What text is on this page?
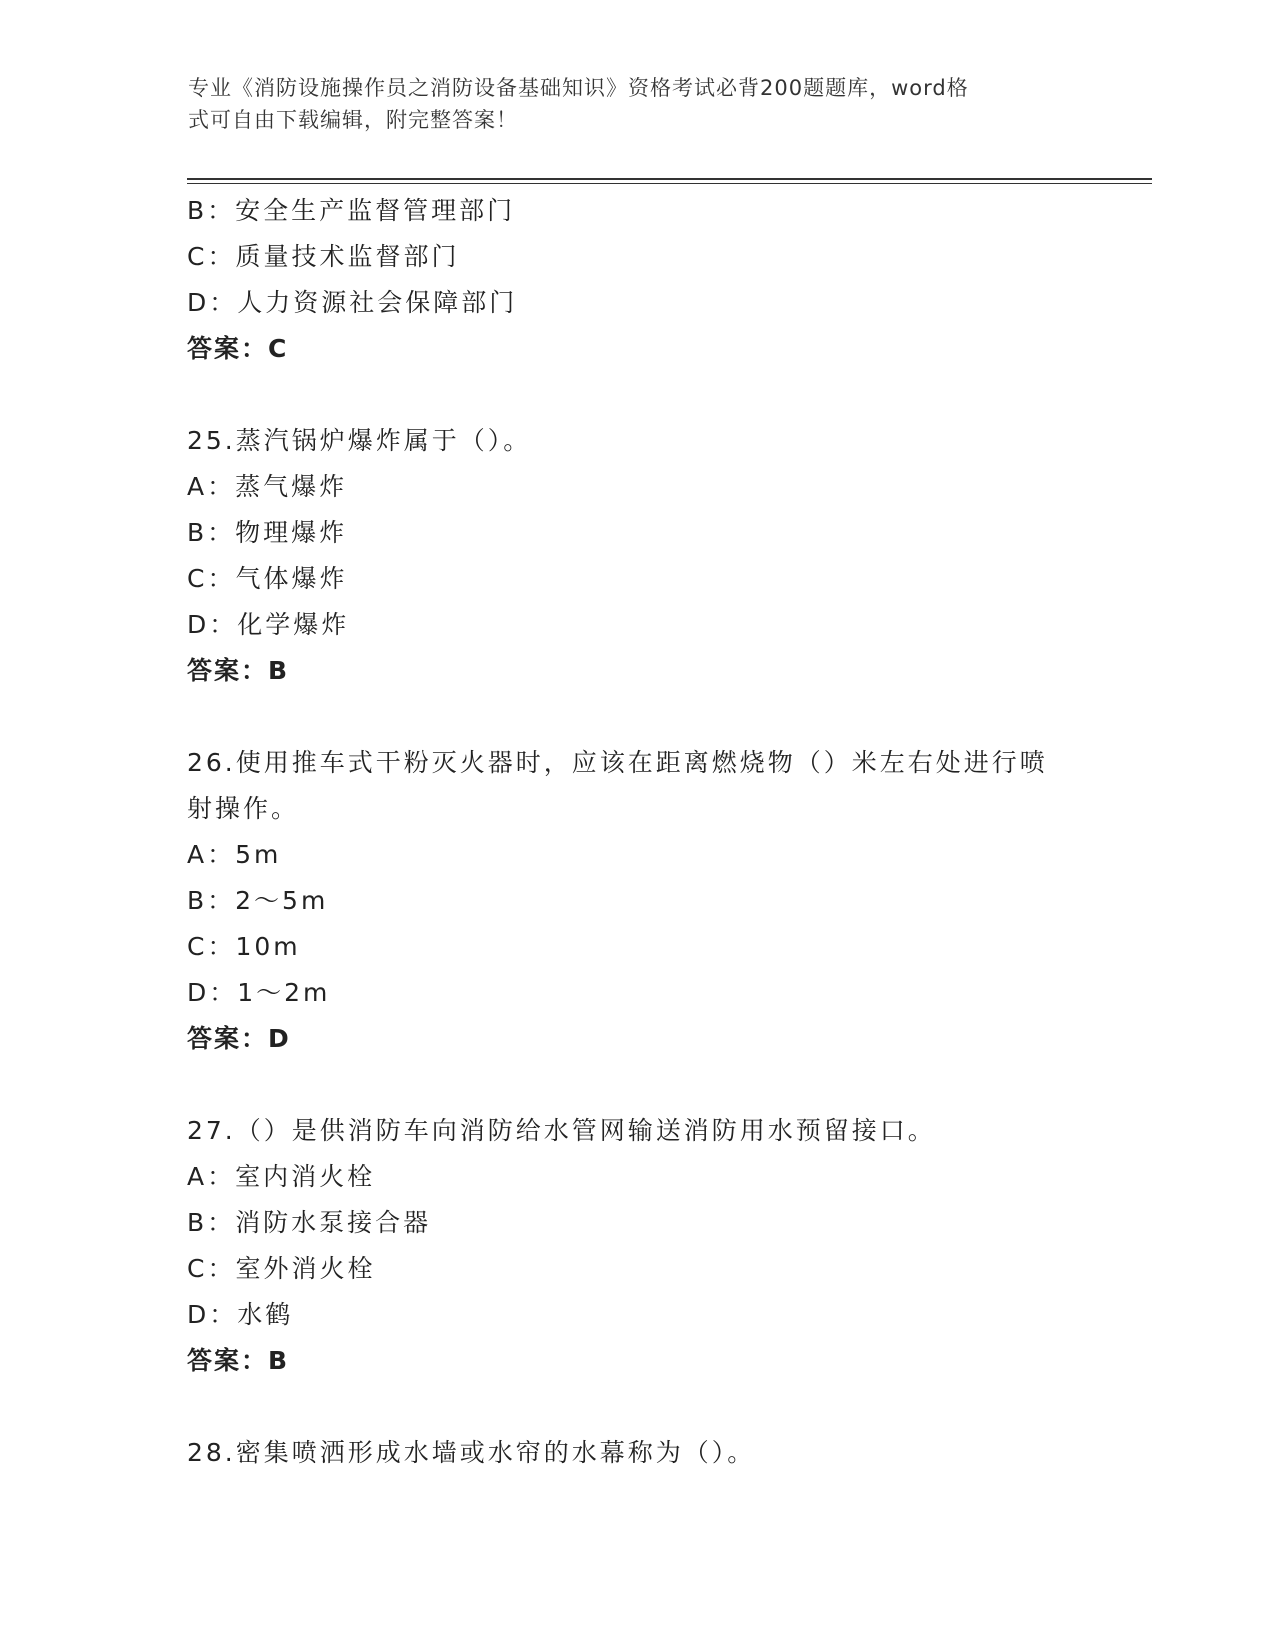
专业《消防设施操作员之消防设备基础知识》资格考试必背200题题库，word格
式可自由下载编辑，附完整答案！
B：安全生产监督管理部门
C：质量技术监督部门
D：人力资源社会保障部门
答案：C
25.蒸汽锅炉爆炸属于（）。
A：蒸气爆炸
B：物理爆炸
C：气体爆炸
D：化学爆炸
答案：B
26.使用推车式干粉灭火器时，应该在距离燃烧物（）米左右处进行喷
射操作。
A：5m
B：2～5m
C：10m
D：1～2m
答案：D
27.（）是供消防车向消防给水管网输送消防用水预留接口。
A：室内消火栓
B：消防水泵接合器
C：室外消火栓
D：水鹤
答案：B
28.密集喷洒形成水墙或水帘的水幕称为（）。
